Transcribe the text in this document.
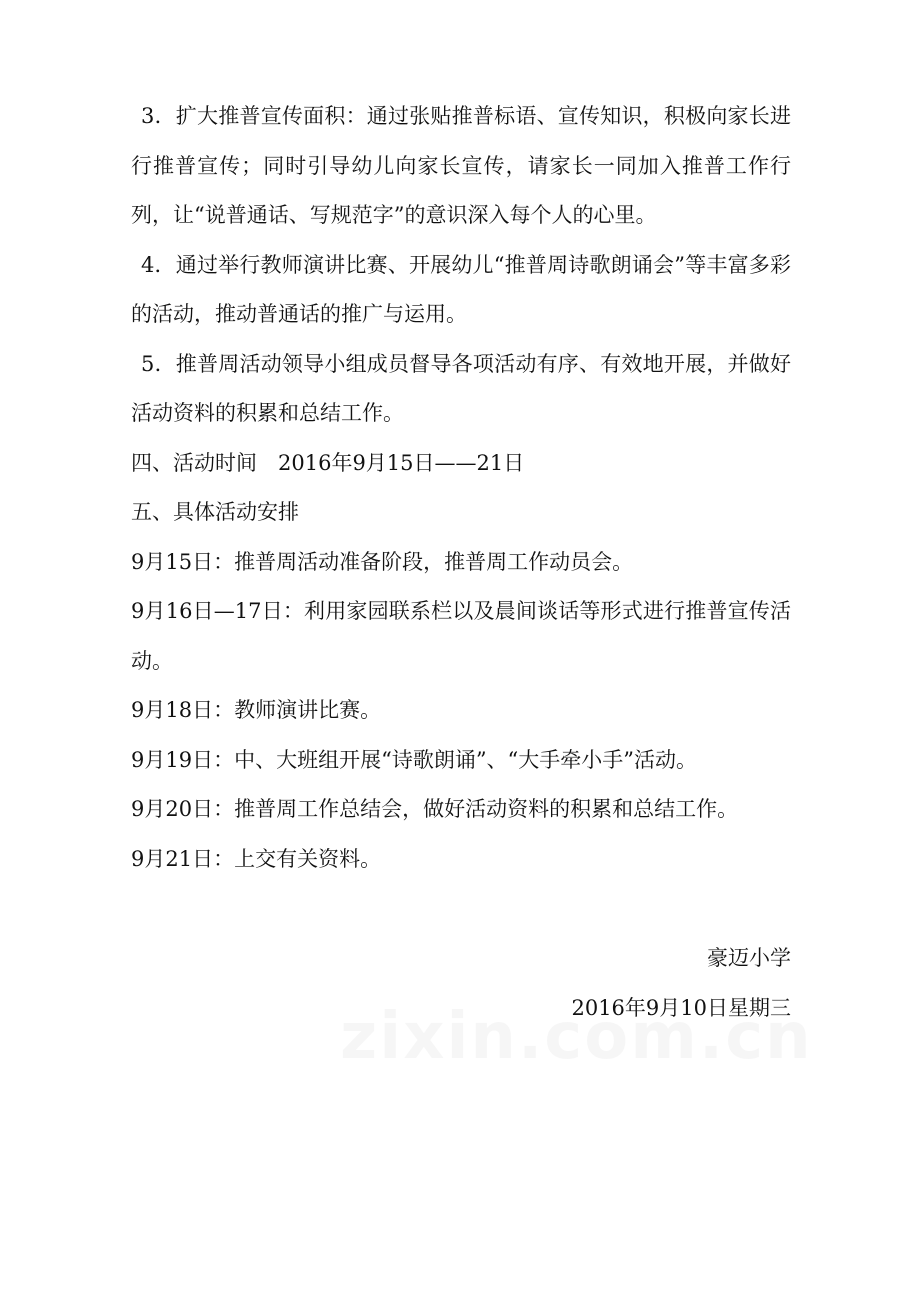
3．扩大推普宣传面积：通过张贴推普标语、宣传知识，积极向家长进行推普宣传；同时引导幼儿向家长宣传，请家长一同加入推普工作行列，让“说普通话、写规范字”的意识深入每个人的心里。

4．通过举行教师演讲比赛、开展幼儿“推普周诗歌朗诵会”等丰富多彩的活动，推动普通话的推广与运用。

5．推普周活动领导小组成员督导各项活动有序、有效地开展，并做好活动资料的积累和总结工作。

四、活动时间　2016年9月15日——21日

五、具体活动安排

9月15日：推普周活动准备阶段，推普周工作动员会。

9月16日—17日：利用家园联系栏以及晨间谈话等形式进行推普宣传活动。

9月18日：教师演讲比赛。

9月19日：中、大班组开展“诗歌朗诵”、“大手牵小手”活动。

9月20日：推普周工作总结会，做好活动资料的积累和总结工作。

9月21日：上交有关资料。

豪迈小学

2016年9月10日星期三
